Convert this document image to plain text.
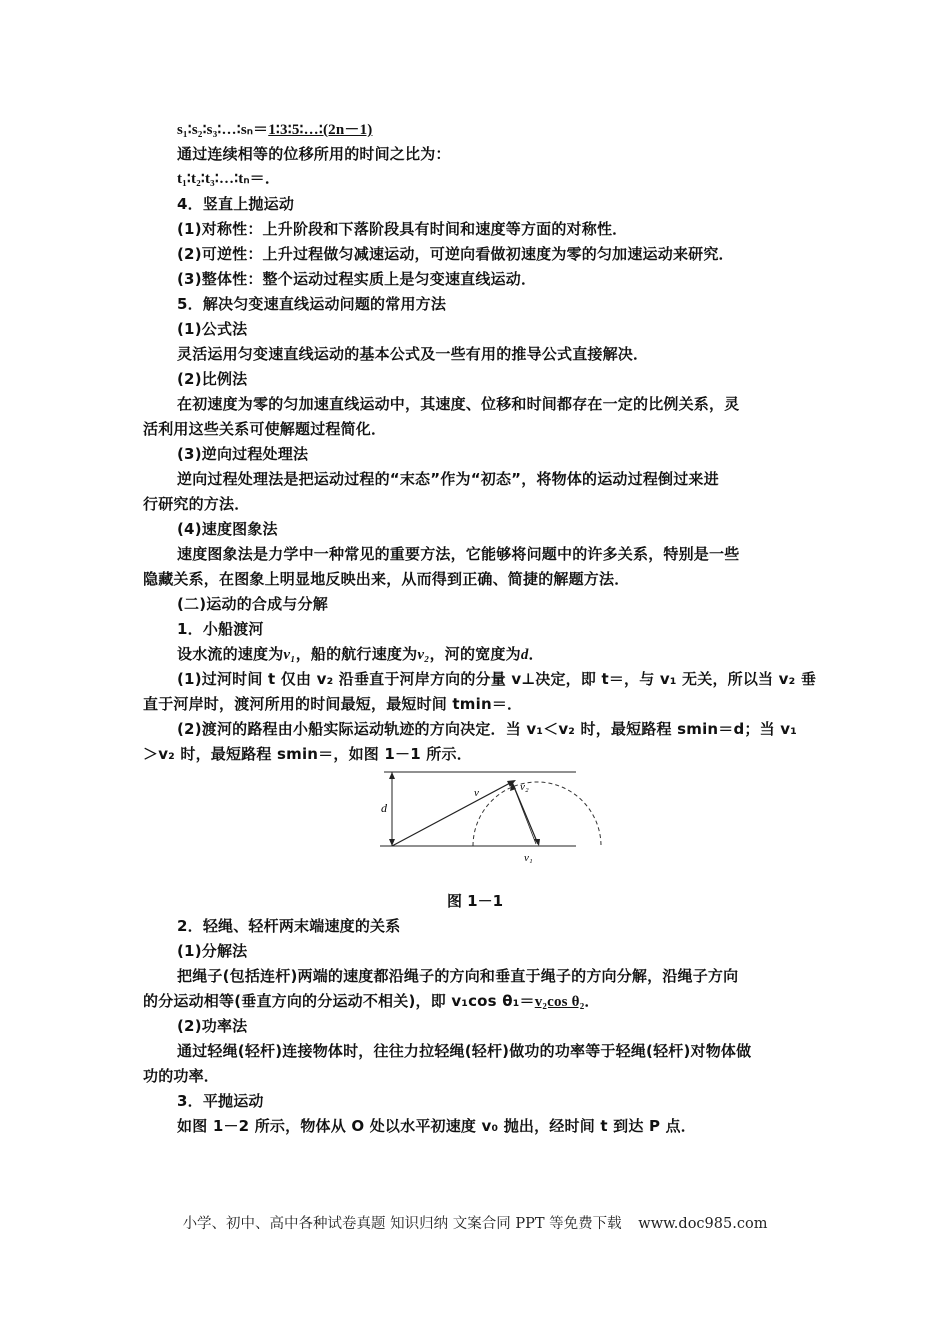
s₁∶s₂∶s₃∶…∶sₙ＝1∶3∶5∶…∶(2n－1)
通过连续相等的位移所用的时间之比为：
t₁∶t₂∶t₃∶…∶tₙ＝．
4．竖直上抛运动
(1)对称性：上升阶段和下落阶段具有时间和速度等方面的对称性．
(2)可逆性：上升过程做匀减速运动，可逆向看做初速度为零的匀加速运动来研究．
(3)整体性：整个运动过程实质上是匀变速直线运动．
5．解决匀变速直线运动问题的常用方法
(1)公式法
灵活运用匀变速直线运动的基本公式及一些有用的推导公式直接解决．
(2)比例法
在初速度为零的匀加速直线运动中，其速度、位移和时间都存在一定的比例关系，灵
活利用这些关系可使解题过程简化．
(3)逆向过程处理法
逆向过程处理法是把运动过程的“末态”作为“初态”，将物体的运动过程倒过来进
行研究的方法．
(4)速度图象法
速度图象法是力学中一种常见的重要方法，它能够将问题中的许多关系，特别是一些
隐藏关系，在图象上明显地反映出来，从而得到正确、简捷的解题方法．
(二)运动的合成与分解
1．小船渡河
设水流的速度为v₁，船的航行速度为v₂，河的宽度为d．
(1)过河时间 t 仅由 v₂ 沿垂直于河岸方向的分量 v⊥决定，即 t＝，与 v₁ 无关，所以当 v₂ 垂
直于河岸时，渡河所用的时间最短，最短时间 tmin＝．
(2)渡河的路程由小船实际运动轨迹的方向决定．当 v₁＜v₂ 时，最短路程 smin＝d；当 v₁
＞v₂ 时，最短路程 smin＝，如图 1－1 所示．
d
v	v₂
v₁
图 1－1
2．轻绳、轻杆两末端速度的关系
(1)分解法
把绳子(包括连杆)两端的速度都沿绳子的方向和垂直于绳子的方向分解，沿绳子方向
的分运动相等(垂直方向的分运动不相关)，即 v₁cos θ₁＝v₂cos θ₂．
(2)功率法
通过轻绳(轻杆)连接物体时，往往力拉轻绳(轻杆)做功的功率等于轻绳(轻杆)对物体做
功的功率．
3．平抛运动
如图 1－2 所示，物体从 O 处以水平初速度 v₀ 抛出，经时间 t 到达 P 点．
小学、初中、高中各种试卷真题 知识归纳 文案合同 PPT 等免费下载 www.doc985.com
